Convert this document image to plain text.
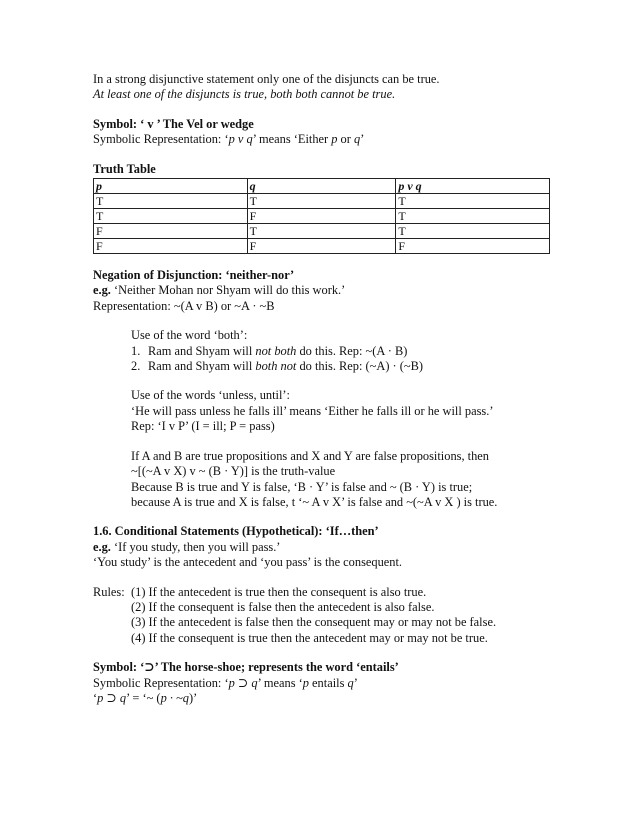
In a strong disjunctive statement only one of the disjuncts can be true.

At least one of the disjuncts is true, both both cannot be true.

Symbol: ‘ v ’ The Vel or wedge

Symbolic Representation: ‘p v q’ means ‘Either p or q’

Truth Table

p	q	p v q
T	T	T
T	F	T
F	T	T
F	F	F

Negation of Disjunction: ‘neither-nor’

e.g. ‘Neither Mohan nor Shyam will do this work.’

Representation: ~(A v B) or ~A · ~B

Use of the word ‘both’:

1. Ram and Shyam will not both do this. Rep: ~(A · B)
2. Ram and Shyam will both not do this. Rep: (~A) · (~B)

Use of the words ‘unless, until’:

‘He will pass unless he falls ill’ means ‘Either he falls ill or he will pass.’

Rep: ‘I v P’ (I = ill; P = pass)

If A and B are true propositions and X and Y are false propositions, then

~[(~A v X) v ~ (B · Y)] is the truth-value

Because B is true and Y is false, ‘B · Y’ is false and ~ (B · Y) is true;

because A is true and X is false, t ‘~ A v X’ is false and ~(~A v X ) is true.

1.6. Conditional Statements (Hypothetical): ‘If…then’

e.g. ‘If you study, then you will pass.’

‘You study’ is the antecedent and ‘you pass’ is the consequent.

Rules: (1) If the antecedent is true then the consequent is also true.

(2) If the consequent is false then the antecedent is also false.

(3) If the antecedent is false then the consequent may or may not be false.

(4) If the consequent is true then the antecedent may or may not be true.

Symbol: ‘⊃’ The horse-shoe; represents the word ‘entails’

Symbolic Representation: ‘p ⊃ q’ means ‘p entails q’

‘p ⊃ q’ = ‘~ (p · ~q)’
